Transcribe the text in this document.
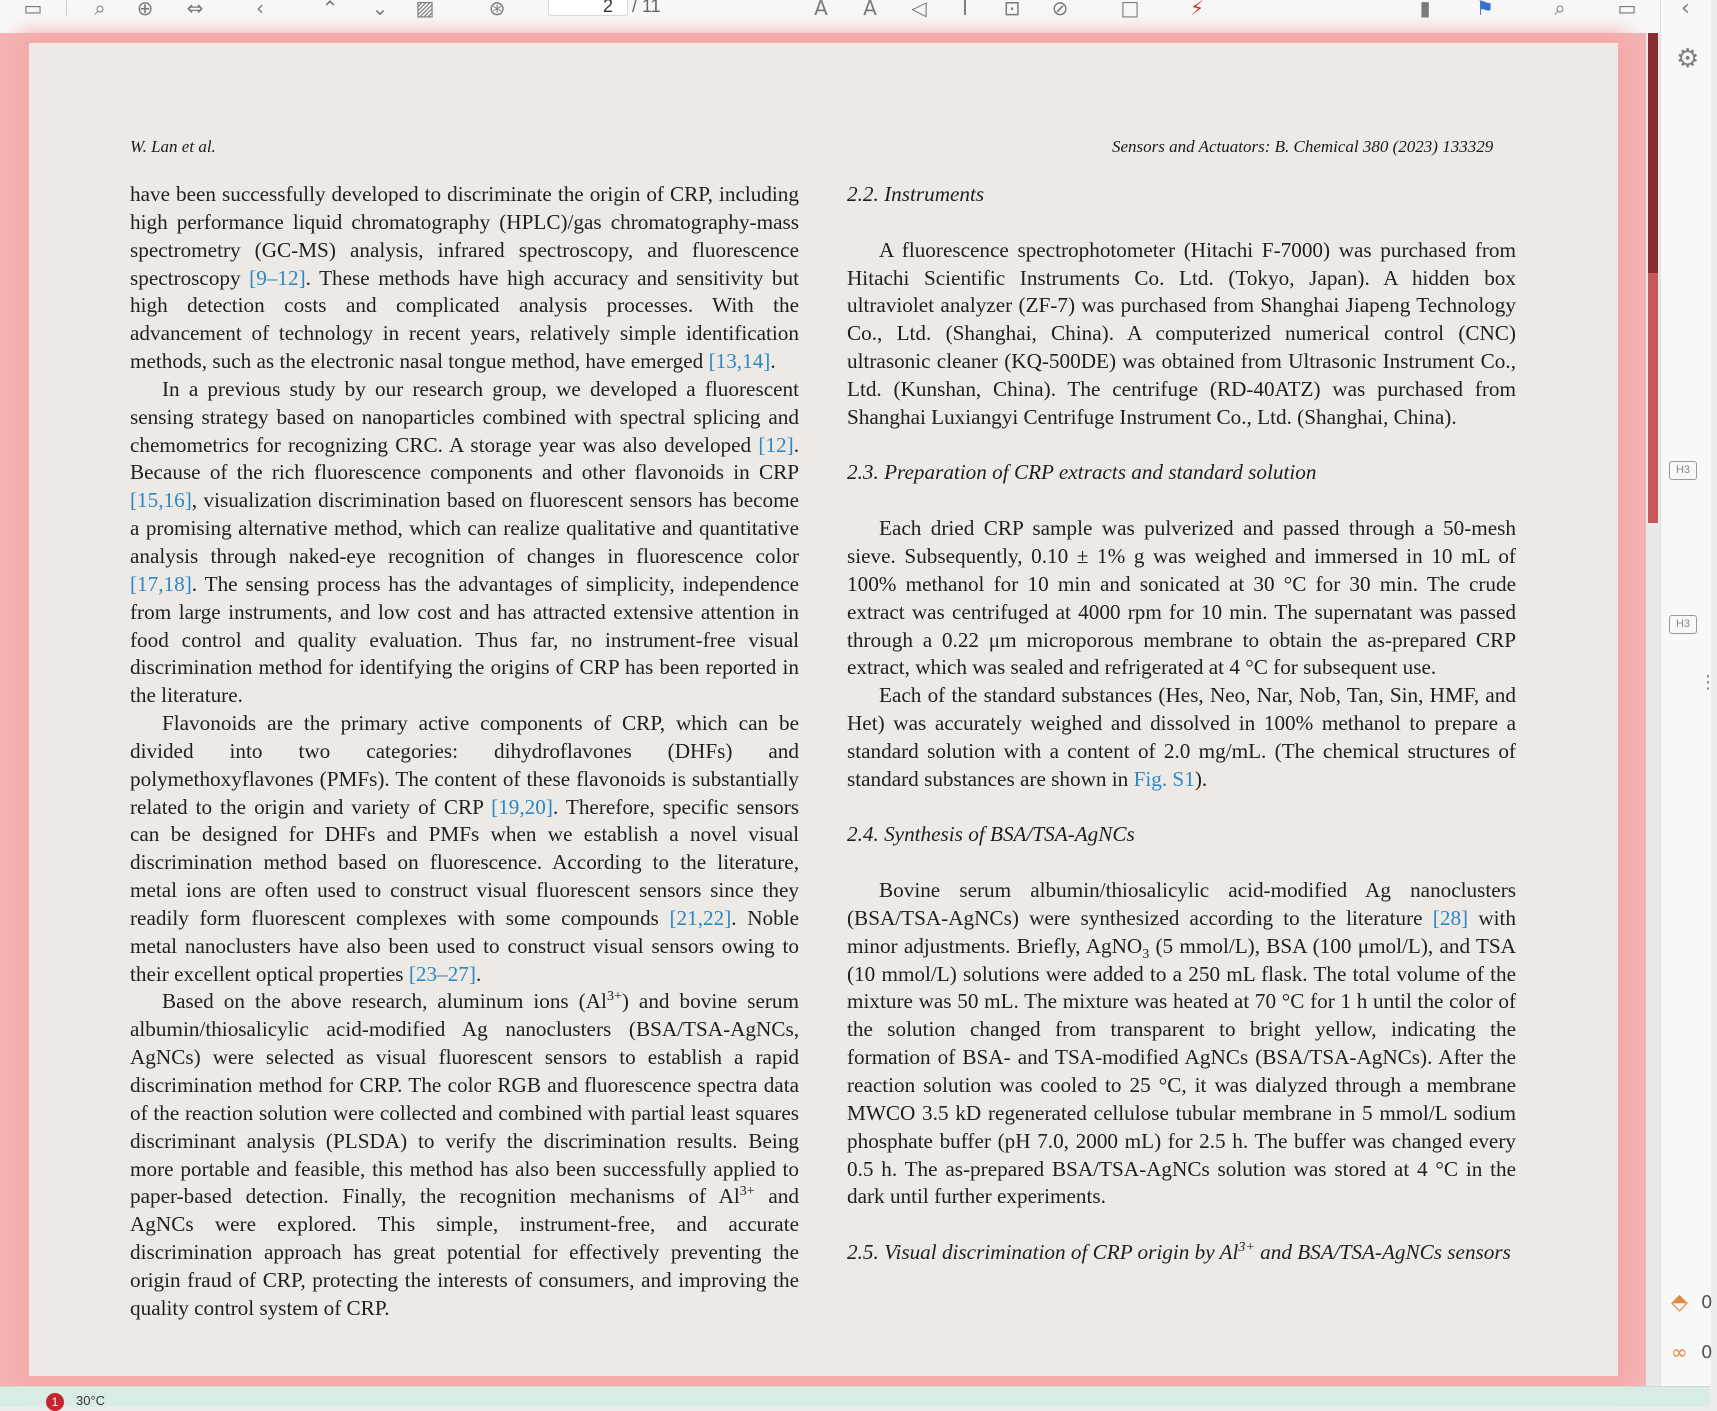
▭	⌕	⊕	⇔	‹	⌃	⌄	▨	⊛	2	/ 11	A	A	◁	I	⊡	⊘	□	⚡	▮	⚑	⌕	▭
W. Lan et al.	Sensors and Actuators: B. Chemical 380 (2023) 133329

have been successfully developed to discriminate the origin of CRP, including high performance liquid chromatography (HPLC)/gas chromatography-mass spectrometry (GC-MS) analysis, infrared spectroscopy, and fluorescence spectroscopy [9–12]. These methods have high accuracy and sensitivity but high detection costs and complicated analysis processes. With the advancement of technology in recent years, relatively simple identification methods, such as the electronic nasal tongue method, have emerged [13,14].

In a previous study by our research group, we developed a fluorescent sensing strategy based on nanoparticles combined with spectral splicing and chemometrics for recognizing CRC. A storage year was also developed [12]. Because of the rich fluorescence components and other flavonoids in CRP [15,16], visualization discrimination based on fluorescent sensors has become a promising alternative method, which can realize qualitative and quantitative analysis through naked-eye recognition of changes in fluorescence color [17,18]. The sensing process has the advantages of simplicity, independence from large instruments, and low cost and has attracted extensive attention in food control and quality evaluation. Thus far, no instrument-free visual discrimination method for identifying the origins of CRP has been reported in the literature.

Flavonoids are the primary active components of CRP, which can be divided into two categories: dihydroflavones (DHFs) and polymethoxyflavones (PMFs). The content of these flavonoids is substantially related to the origin and variety of CRP [19,20]. Therefore, specific sensors can be designed for DHFs and PMFs when we establish a novel visual discrimination method based on fluorescence. According to the literature, metal ions are often used to construct visual fluorescent sensors since they readily form fluorescent complexes with some compounds [21,22]. Noble metal nanoclusters have also been used to construct visual sensors owing to their excellent optical properties [23–27].

Based on the above research, aluminum ions $(Al^{3+})$ and bovine serum albumin/thiosalicylic acid-modified Ag nanoclusters (BSA/TSA-AgNCs, AgNCs) were selected as visual fluorescent sensors to establish a rapid discrimination method for CRP. The color RGB and fluorescence spectra data of the reaction solution were collected and combined with partial least squares discriminant analysis (PLSDA) to verify the discrimination results. Being more portable and feasible, this method has also been successfully applied to paper-based detection. Finally, the recognition mechanisms of $Al^{3+}$ and AgNCs were explored. This simple, instrument-free, and accurate discrimination approach has great potential for effectively preventing the origin fraud of CRP, protecting the interests of consumers, and improving the quality control system of CRP.

2.2. Instruments

A fluorescence spectrophotometer (Hitachi F-7000) was purchased from Hitachi Scientific Instruments Co. Ltd. (Tokyo, Japan). A hidden box ultraviolet analyzer (ZF-7) was purchased from Shanghai Jiapeng Technology Co., Ltd. (Shanghai, China). A computerized numerical control (CNC) ultrasonic cleaner (KQ-500DE) was obtained from Ultrasonic Instrument Co., Ltd. (Kunshan, China). The centrifuge (RD-40ATZ) was purchased from Shanghai Luxiangyi Centrifuge Instrument Co., Ltd. (Shanghai, China).

2.3. Preparation of CRP extracts and standard solution

Each dried CRP sample was pulverized and passed through a 50-mesh sieve. Subsequently, 0.10 ± 1% g was weighed and immersed in 10 mL of 100% methanol for 10 min and sonicated at 30 °C for 30 min. The crude extract was centrifuged at 4000 rpm for 10 min. The supernatant was passed through a 0.22 μm microporous membrane to obtain the as-prepared CRP extract, which was sealed and refrigerated at 4 °C for subsequent use.

Each of the standard substances (Hes, Neo, Nar, Nob, Tan, Sin, HMF, and Het) was accurately weighed and dissolved in 100% methanol to prepare a standard solution with a content of 2.0 mg/mL. (The chemical structures of standard substances are shown in Fig. S1).

2.4. Synthesis of BSA/TSA-AgNCs

Bovine serum albumin/thiosalicylic acid-modified Ag nanoclusters (BSA/TSA-AgNCs) were synthesized according to the literature [28] with minor adjustments. Briefly, AgNO$_3$ (5 mmol/L), BSA (100 μmol/L), and TSA (10 mmol/L) solutions were added to a 250 mL flask. The total volume of the mixture was 50 mL. The mixture was heated at 70 °C for 1 h until the color of the solution changed from transparent to bright yellow, indicating the formation of BSA- and TSA-modified AgNCs (BSA/TSA-AgNCs). After the reaction solution was cooled to 25 °C, it was dialyzed through a membrane MWCO 3.5 kD regenerated cellulose tubular membrane in 5 mmol/L sodium phosphate buffer (pH 7.0, 2000 mL) for 2.5 h. The buffer was changed every 0.5 h. The as-prepared BSA/TSA-AgNCs solution was stored at 4 °C in the dark until further experiments.

2.5. Visual discrimination of CRP origin by $Al^{3+}$ and BSA/TSA-AgNCs sensors
‹
⚙
H3
H3
⋮
⬘ 0
∞ 0
1	30°C
